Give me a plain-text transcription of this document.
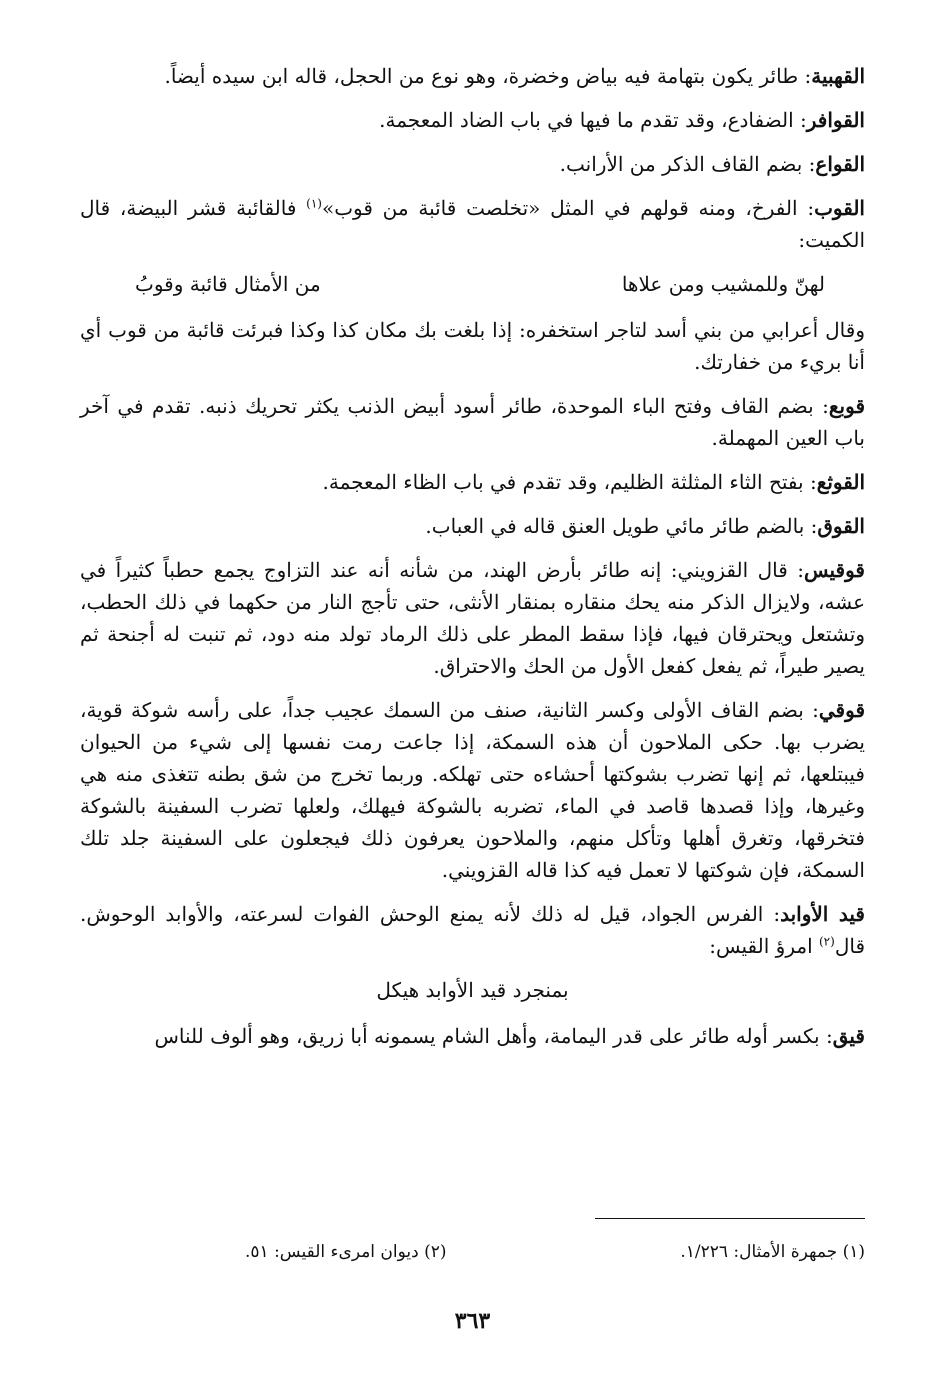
القهبية: طائر يكون بتهامة فيه بياض وخضرة، وهو نوع من الحجل، قاله ابن سيده أيضاً.

القوافر: الضفادع، وقد تقدم ما فيها في باب الضاد المعجمة.

القواع: بضم القاف الذكر من الأرانب.

القوب: الفرخ، ومنه قولهم في المثل «تخلصت قائبة من قوب»$^{(١)}$ فالقائبة قشر البيضة، قال الكميت:

لهنّ وللمشيب ومن علاها
من الأمثال قائبة وقوبُ

وقال أعرابي من بني أسد لتاجر استخفره: إذا بلغت بك مكان كذا وكذا فبرئت قائبة من قوب أي أنا بريء من خفارتك.

قوبع: بضم القاف وفتح الباء الموحدة، طائر أسود أبيض الذنب يكثر تحريك ذنبه. تقدم في آخر باب العين المهملة.

القوثع: بفتح الثاء المثلثة الظليم، وقد تقدم في باب الظاء المعجمة.

القوق: بالضم طائر مائي طويل العنق قاله في العباب.

قوقيس: قال القزويني: إنه طائر بأرض الهند، من شأنه أنه عند التزاوج يجمع حطباً كثيراً في عشه، ولايزال الذكر منه يحك منقاره بمنقار الأنثى، حتى تأجج النار من حكهما في ذلك الحطب، وتشتعل ويحترقان فيها، فإذا سقط المطر على ذلك الرماد تولد منه دود، ثم تنبت له أجنحة ثم يصير طيراً، ثم يفعل كفعل الأول من الحك والاحتراق.

قوقي: بضم القاف الأولى وكسر الثانية، صنف من السمك عجيب جداً، على رأسه شوكة قوية، يضرب بها. حكى الملاحون أن هذه السمكة، إذا جاعت رمت نفسها إلى شيء من الحيوان فيبتلعها، ثم إنها تضرب بشوكتها أحشاءه حتى تهلكه. وربما تخرج من شق بطنه تتغذى منه هي وغيرها، وإذا قصدها قاصد في الماء، تضربه بالشوكة فيهلك، ولعلها تضرب السفينة بالشوكة فتخرقها، وتغرق أهلها وتأكل منهم، والملاحون يعرفون ذلك فيجعلون على السفينة جلد تلك السمكة، فإن شوكتها لا تعمل فيه كذا قاله القزويني.

قيد الأوابد: الفرس الجواد، قيل له ذلك لأنه يمنع الوحش الفوات لسرعته، والأوابد الوحوش. قال$^{(٢)}$ امرؤ القيس:

بمنجرد قيد الأوابد هيكل

قيق: بكسر أوله طائر على قدر اليمامة، وأهل الشام يسمونه أبا زريق، وهو ألوف للناس

(١) جمهرة الأمثال: ١/٢٢٦.
(٢) ديوان امرىء القيس: ٥١.
٣٦٣
